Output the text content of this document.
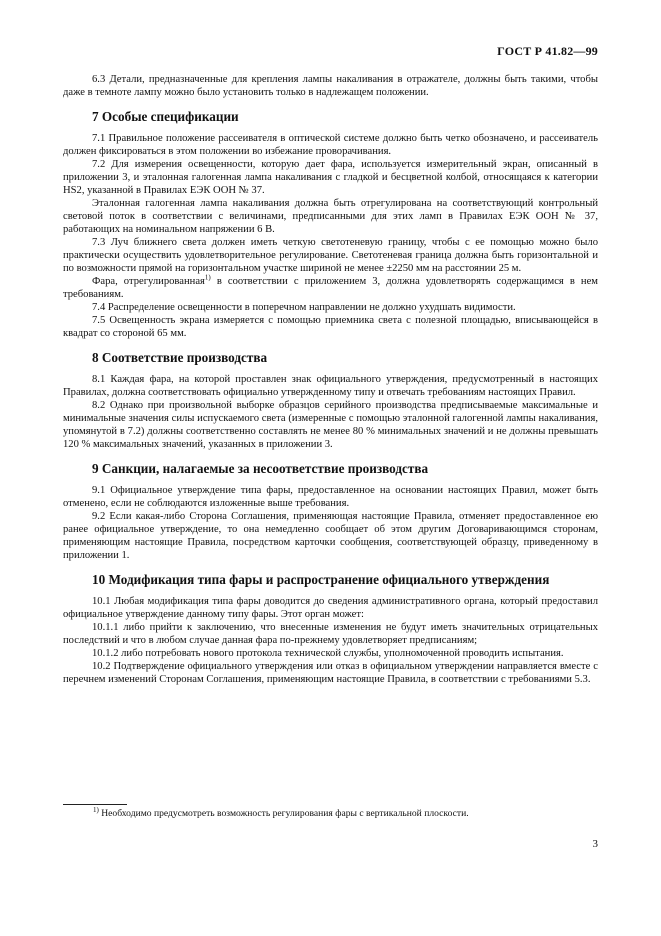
ГОСТ Р 41.82—99

6.3 Детали, предназначенные для крепления лампы накаливания в отражателе, должны быть такими, чтобы даже в темноте лампу можно было установить только в надлежащем положении.

7 Особые спецификации

7.1 Правильное положение рассеивателя в оптической системе должно быть четко обозначено, и рассеиватель должен фиксироваться в этом положении во избежание проворачивания.

7.2 Для измерения освещенности, которую дает фара, используется измерительный экран, описанный в приложении 3, и эталонная галогенная лампа накаливания с гладкой и бесцветной колбой, относящаяся к категории HS2, указанной в Правилах ЕЭК ООН № 37.

Эталонная галогенная лампа накаливания должна быть отрегулирована на соответствующий контрольный световой поток в соответствии с величинами, предписанными для этих ламп в Правилах ЕЭК ООН № 37, работающих на номинальном напряжении 6 В.

7.3 Луч ближнего света должен иметь четкую светотеневую границу, чтобы с ее помощью можно было практически осуществить удовлетворительное регулирование. Светотеневая граница должна быть горизонтальной и по возможности прямой на горизонтальном участке шириной не менее ±2250 мм на расстоянии 25 м.

Фара, отрегулированная$^{1)}$ в соответствии с приложением 3, должна удовлетворять содержащимся в нем требованиям.

7.4 Распределение освещенности в поперечном направлении не должно ухудшать видимости.

7.5 Освещенность экрана измеряется с помощью приемника света с полезной площадью, вписывающейся в квадрат со стороной 65 мм.

8 Соответствие производства

8.1 Каждая фара, на которой проставлен знак официального утверждения, предусмотренный в настоящих Правилах, должна соответствовать официально утвержденному типу и отвечать требованиям настоящих Правил.

8.2 Однако при произвольной выборке образцов серийного производства предписываемые максимальные и минимальные значения силы испускаемого света (измеренные с помощью эталонной галогенной лампы накаливания, упомянутой в 7.2) должны соответственно составлять не менее 80 % минимальных значений и не должны превышать 120 % максимальных значений, указанных в приложении 3.

9 Санкции, налагаемые за несоответствие производства

9.1 Официальное утверждение типа фары, предоставленное на основании настоящих Правил, может быть отменено, если не соблюдаются изложенные выше требования.

9.2 Если какая-либо Сторона Соглашения, применяющая настоящие Правила, отменяет предоставленное ею ранее официальное утверждение, то она немедленно сообщает об этом другим Договаривающимся сторонам, применяющим настоящие Правила, посредством карточки сообщения, соответствующей образцу, приведенному в приложении 1.

10 Модификация типа фары и распространение официального утверждения

10.1 Любая модификация типа фары доводится до сведения административного органа, который предоставил официальное утверждение данному типу фары. Этот орган может:

10.1.1 либо прийти к заключению, что внесенные изменения не будут иметь значительных отрицательных последствий и что в любом случае данная фара по-прежнему удовлетворяет предписаниям;

10.1.2 либо потребовать нового протокола технической службы, уполномоченной проводить испытания.

10.2 Подтверждение официального утверждения или отказ в официальном утверждении направляется вместе с перечнем изменений Сторонам Соглашения, применяющим настоящие Правила, в соответствии с требованиями 5.3.

$^{1)}$ Необходимо предусмотреть возможность регулирования фары с вертикальной плоскости.
3
